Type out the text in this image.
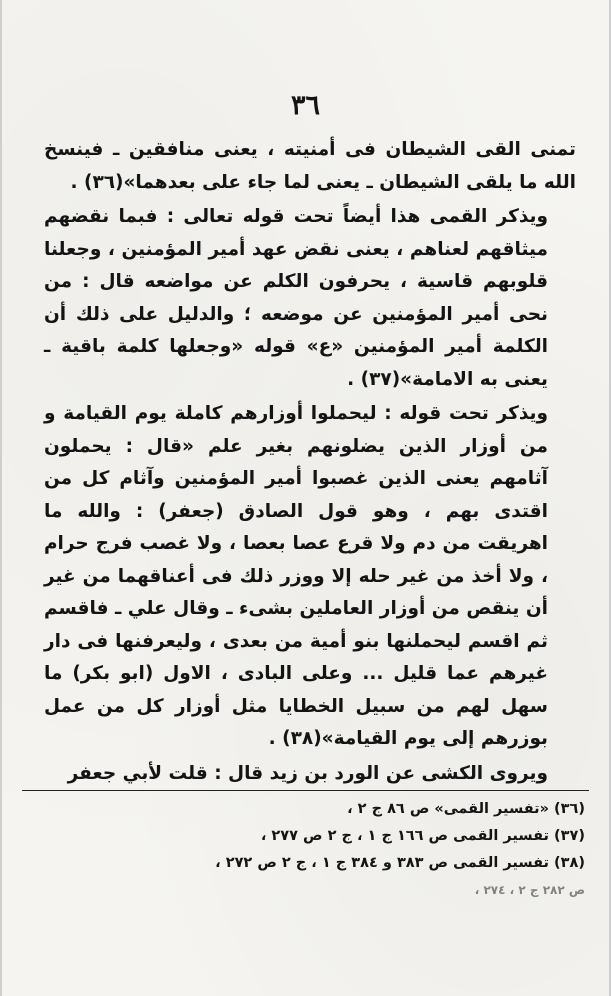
٣٦

تمنى القى الشيطان فى أمنيته ، يعنى منافقين ـ فينسخ الله ما يلقى الشيطان ـ يعنى لما جاء على بعدهما»(٣٦) .

ويذكر القمى هذا أيضاً تحت قوله تعالى : فبما نقضهم ميثاقهم لعناهم ، يعنى نقض عهد أمير المؤمنين ، وجعلنا قلوبهم قاسية ، يحرفون الكلم عن مواضعه قال : من نحى أمير المؤمنين عن موضعه ؛ والدليل على ذلك أن الكلمة أمير المؤمنين «ع» قوله «وجعلها كلمة باقية ـ يعنى به الامامة»(٣٧) .

ويذكر تحت قوله : ليحملوا أوزارهم كاملة يوم القيامة و من أوزار الذين يضلونهم بغير علم «قال : يحملون آثامهم يعنى الذين غصبوا أمير المؤمنين وآثام كل من اقتدى بهم ، وهو قول الصادق (جعفر) : والله ما اهريقت من دم ولا قرع عصا بعصا ، ولا غصب فرج حرام ، ولا أخذ من غير حله إلا ووزر ذلك فى أعناقهما من غير أن ينقص من أوزار العاملين بشىء ـ وقال علي ـ فاقسم ثم اقسم ليحملنها بنو أمية من بعدى ، وليعرفنها فى دار غيرهم عما قليل ... وعلى البادى ، الاول (ابو بكر) ما سهل لهم من سبيل الخطايا مثل أوزار كل من عمل بوزرهم إلى يوم القيامة»(٣٨) .

ويروى الكشى عن الورد بن زيد قال : قلت لأبي جعفر

(٣٦) «تفسير القمى» ص ٨٦ ج ٢ ،

(٣٧) تفسير القمى ص ١٦٦ ج ١ ، ج ٢ ص ٢٧٧ ،

(٣٨) تفسير القمى ص ٣٨٣ و ٣٨٤ ج ١ ، ج ٢ ص ٢٧٢ ،

ص ٢٨٢ ج ٢ ، ٢٧٤ ،
